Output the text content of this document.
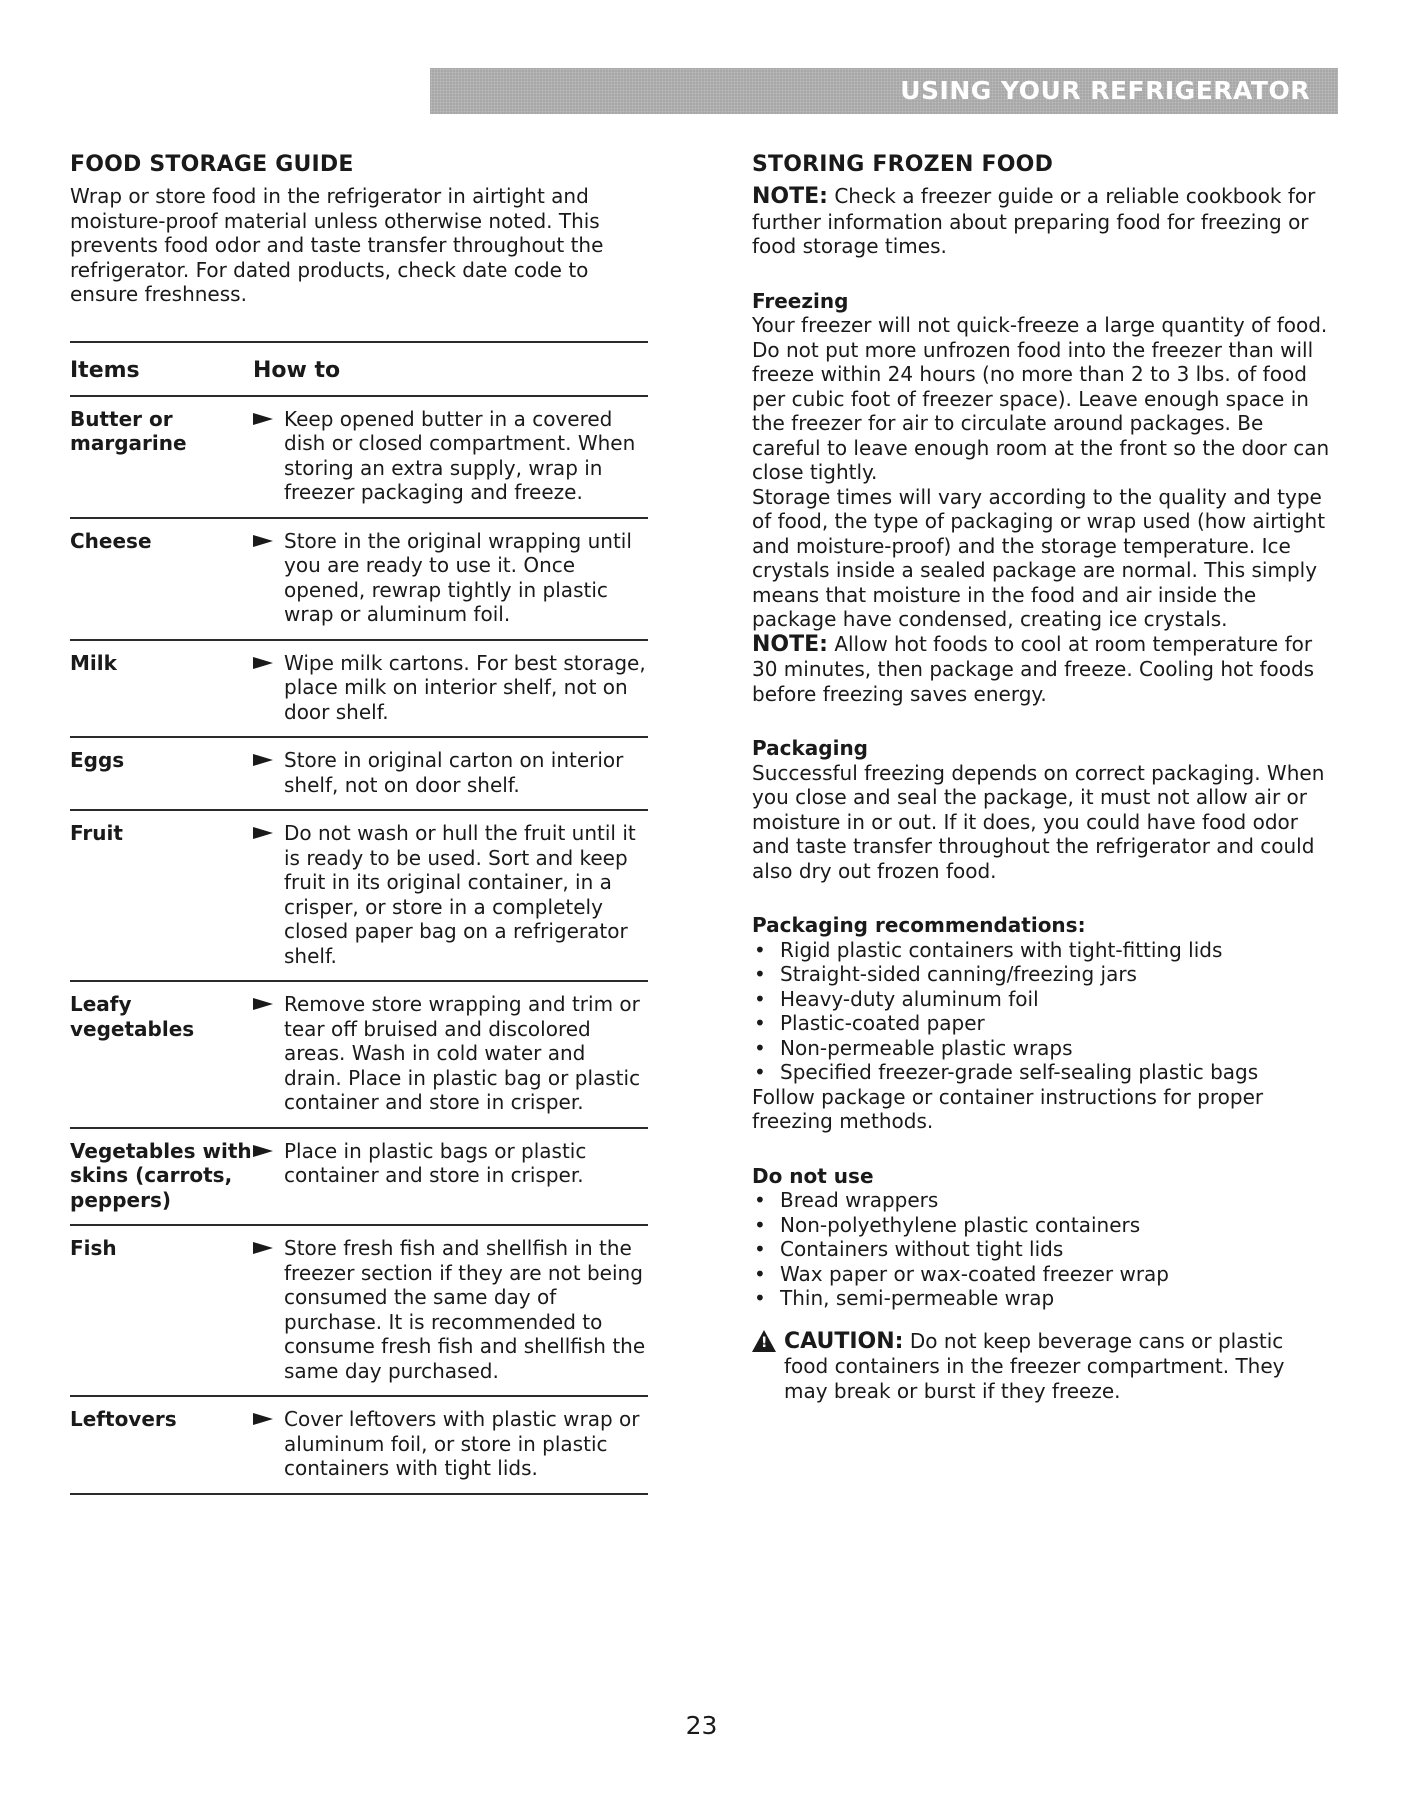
USING YOUR REFRIGERATOR
FOOD STORAGE GUIDE

Wrap or store food in the refrigerator in airtight and moisture-proof material unless otherwise noted. This prevents food odor and taste transfer throughout the refrigerator. For dated products, check date code to ensure freshness.

Items	How to
Butter or margarine	Keep opened butter in a covered dish or closed compartment. When storing an extra supply, wrap in freezer packaging and freeze.
Cheese	Store in the original wrapping until you are ready to use it. Once opened, rewrap tightly in plastic wrap or aluminum foil.
Milk	Wipe milk cartons. For best storage, place milk on interior shelf, not on door shelf.
Eggs	Store in original carton on interior shelf, not on door shelf.
Fruit	Do not wash or hull the fruit until it is ready to be used. Sort and keep fruit in its original container, in a crisper, or store in a completely closed paper bag on a refrigerator shelf.
Leafy vegetables	Remove store wrapping and trim or tear off bruised and discolored areas. Wash in cold water and drain. Place in plastic bag or plastic container and store in crisper.
Vegetables with skins (carrots, peppers)	Place in plastic bags or plastic container and store in crisper.
Fish	Store fresh fish and shellfish in the freezer section if they are not being consumed the same day of purchase. It is recommended to consume fresh fish and shellfish the same day purchased.
Leftovers	Cover leftovers with plastic wrap or aluminum foil, or store in plastic containers with tight lids.
STORING FROZEN FOOD

NOTE: Check a freezer guide or a reliable cookbook for further information about preparing food for freezing or food storage times.

Freezing

Your freezer will not quick-freeze a large quantity of food. Do not put more unfrozen food into the freezer than will freeze within 24 hours (no more than 2 to 3 lbs. of food per cubic foot of freezer space). Leave enough space in the freezer for air to circulate around packages. Be careful to leave enough room at the front so the door can close tightly.

Storage times will vary according to the quality and type of food, the type of packaging or wrap used (how airtight and moisture-proof) and the storage temperature. Ice crystals inside a sealed package are normal. This simply means that moisture in the food and air inside the package have condensed, creating ice crystals.

NOTE: Allow hot foods to cool at room temperature for 30 minutes, then package and freeze. Cooling hot foods before freezing saves energy.

Packaging

Successful freezing depends on correct packaging. When you close and seal the package, it must not allow air or moisture in or out. If it does, you could have food odor and taste transfer throughout the refrigerator and could also dry out frozen food.

Packaging recommendations:

• Rigid plastic containers with tight-fitting lids
• Straight-sided canning/freezing jars
• Heavy-duty aluminum foil
• Plastic-coated paper
• Non-permeable plastic wraps
• Specified freezer-grade self-sealing plastic bags

Follow package or container instructions for proper freezing methods.

Do not use

• Bread wrappers
• Non-polyethylene plastic containers
• Containers without tight lids
• Wax paper or wax-coated freezer wrap
• Thin, semi-permeable wrap
!

CAUTION: Do not keep beverage cans or plastic food containers in the freezer compartment. They may break or burst if they freeze.

23
